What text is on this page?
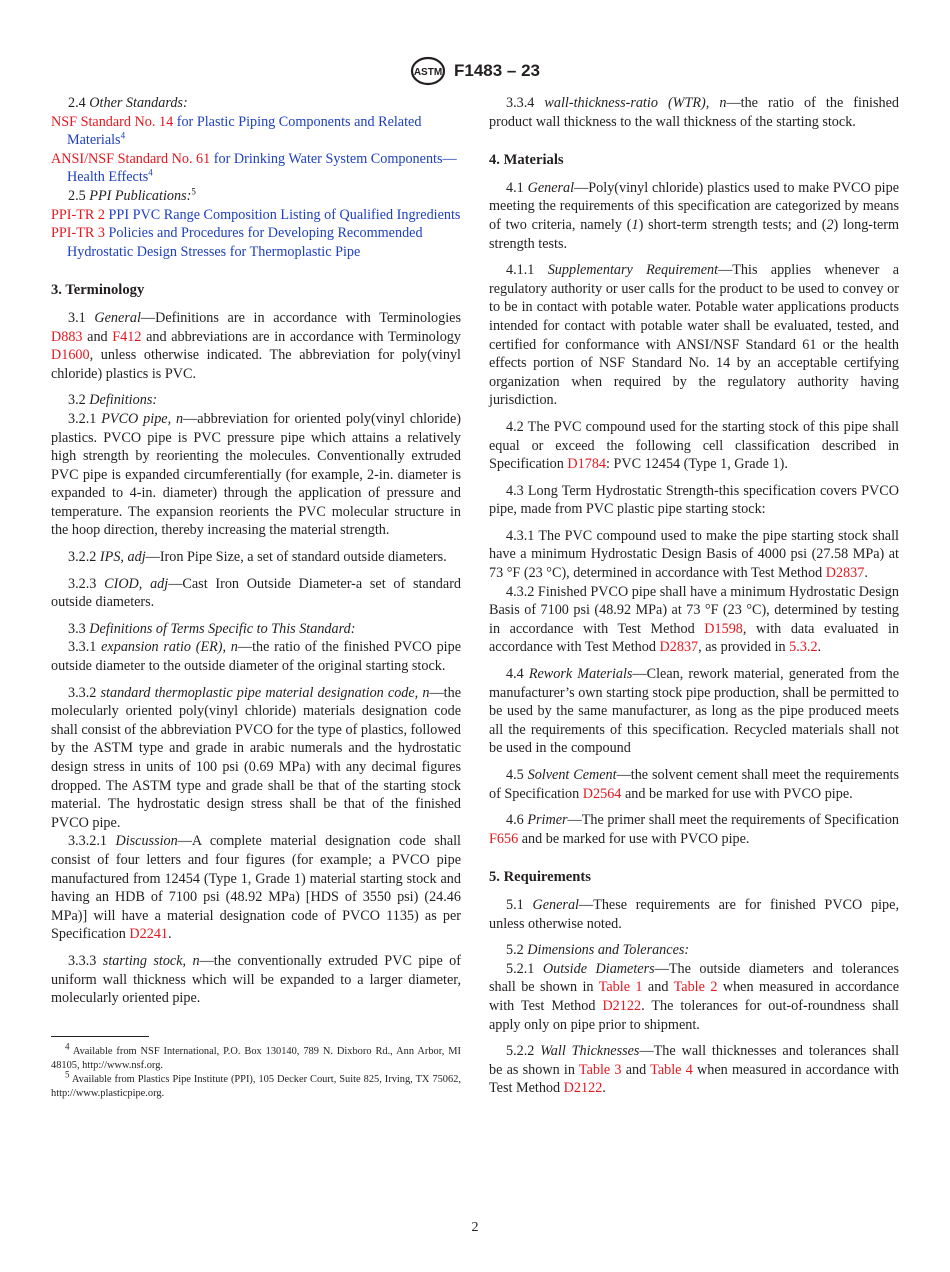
ASTM F1483 – 23

2.4 Other Standards:

NSF Standard No. 14 for Plastic Piping Components and Related Materials$^4$
ANSI/NSF Standard No. 61 for Drinking Water System Components—Health Effects$^4$

2.5 PPI Publications:$^5$

PPI-TR 2 PPI PVC Range Composition Listing of Qualified Ingredients
PPI-TR 3 Policies and Procedures for Developing Recommended Hydrostatic Design Stresses for Thermoplastic Pipe
3. Terminology

3.1 General—Definitions are in accordance with Terminologies D883 and F412 and abbreviations are in accordance with Terminology D1600, unless otherwise indicated. The abbreviation for poly(vinyl chloride) plastics is PVC.

3.2 Definitions:

3.2.1 PVCO pipe, n—abbreviation for oriented poly(vinyl chloride) plastics. PVCO pipe is PVC pressure pipe which attains a relatively high strength by reorienting the molecules. Conventionally extruded PVC pipe is expanded circumferentially (for example, 2-in. diameter is expanded to 4-in. diameter) through the application of pressure and temperature. The expansion reorients the PVC molecular structure in the hoop direction, thereby increasing the material strength.

3.2.2 IPS, adj—Iron Pipe Size, a set of standard outside diameters.

3.2.3 CIOD, adj—Cast Iron Outside Diameter-a set of standard outside diameters.

3.3 Definitions of Terms Specific to This Standard:

3.3.1 expansion ratio (ER), n—the ratio of the finished PVCO pipe outside diameter to the outside diameter of the original starting stock.

3.3.2 standard thermoplastic pipe material designation code, n—the molecularly oriented poly(vinyl chloride) materials designation code shall consist of the abbreviation PVCO for the type of plastics, followed by the ASTM type and grade in arabic numerals and the hydrostatic design stress in units of 100 psi (0.69 MPa) with any decimal figures dropped. The ASTM type and grade shall be that of the starting stock material. The hydrostatic design stress shall be that of the finished PVCO pipe.

3.3.2.1 Discussion—A complete material designation code shall consist of four letters and four figures (for example; a PVCO pipe manufactured from 12454 (Type 1, Grade 1) material starting stock and having an HDB of 7100 psi (48.92 MPa) [HDS of 3550 psi) (24.46 MPa)] will have a material designation code of PVCO 1135) as per Specification D2241.

3.3.3 starting stock, n—the conventionally extruded PVC pipe of uniform wall thickness which will be expanded to a larger diameter, molecularly oriented pipe.

$^4$ Available from NSF International, P.O. Box 130140, 789 N. Dixboro Rd., Ann Arbor, MI 48105, http://www.nsf.org.

$^5$ Available from Plastics Pipe Institute (PPI), 105 Decker Court, Suite 825, Irving, TX 75062, http://www.plasticpipe.org.

3.3.4 wall-thickness-ratio (WTR), n—the ratio of the finished product wall thickness to the wall thickness of the starting stock.

4. Materials

4.1 General—Poly(vinyl chloride) plastics used to make PVCO pipe meeting the requirements of this specification are categorized by means of two criteria, namely (1) short-term strength tests; and (2) long-term strength tests.

4.1.1 Supplementary Requirement—This applies whenever a regulatory authority or user calls for the product to be used to convey or to be in contact with potable water. Potable water applications products intended for contact with potable water shall be evaluated, tested, and certified for conformance with ANSI/NSF Standard 61 or the health effects portion of NSF Standard No. 14 by an acceptable certifying organization when required by the regulatory authority having jurisdiction.

4.2 The PVC compound used for the starting stock of this pipe shall equal or exceed the following cell classification described in Specification D1784: PVC 12454 (Type 1, Grade 1).

4.3 Long Term Hydrostatic Strength-this specification covers PVCO pipe, made from PVC plastic pipe starting stock:

4.3.1 The PVC compound used to make the pipe starting stock shall have a minimum Hydrostatic Design Basis of 4000 psi (27.58 MPa) at 73 °F (23 °C), determined in accordance with Test Method D2837.

4.3.2 Finished PVCO pipe shall have a minimum Hydrostatic Design Basis of 7100 psi (48.92 MPa) at 73 °F (23 °C), determined by testing in accordance with Test Method D1598, with data evaluated in accordance with Test Method D2837, as provided in 5.3.2.

4.4 Rework Materials—Clean, rework material, generated from the manufacturer’s own starting stock pipe production, shall be permitted to be used by the same manufacturer, as long as the pipe produced meets all the requirements of this specification. Recycled materials shall not be used in the compound

4.5 Solvent Cement—the solvent cement shall meet the requirements of Specification D2564 and be marked for use with PVCO pipe.

4.6 Primer—The primer shall meet the requirements of Specification F656 and be marked for use with PVCO pipe.

5. Requirements

5.1 General—These requirements are for finished PVCO pipe, unless otherwise noted.

5.2 Dimensions and Tolerances:

5.2.1 Outside Diameters—The outside diameters and tolerances shall be shown in Table 1 and Table 2 when measured in accordance with Test Method D2122. The tolerances for out-of-roundness shall apply only on pipe prior to shipment.

5.2.2 Wall Thicknesses—The wall thicknesses and tolerances shall be as shown in Table 3 and Table 4 when measured in accordance with Test Method D2122.

2
